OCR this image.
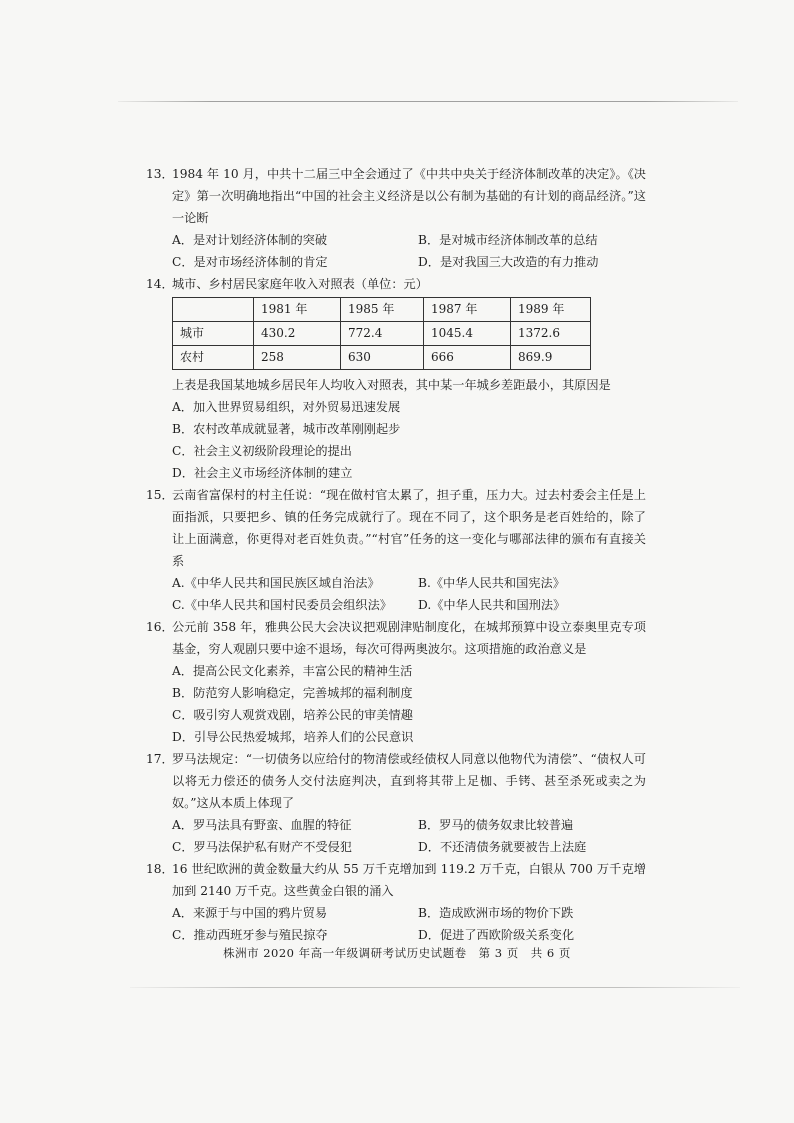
13．
1984 年 10 月，中共十二届三中全会通过了《中共中央关于经济体制改革的决定》。《决定》第一次明确地指出“中国的社会主义经济是以公有制为基础的有计划的商品经济。”这一论断
A．是对计划经济体制的突破	B．是对城市经济体制改革的总结
C．是对市场经济体制的肯定	D．是对我国三大改造的有力推动
14．
城市、乡村居民家庭年收入对照表（单位：元）
	1981 年	1985 年	1987 年	1989 年
城市	430.2	772.4	1045.4	1372.6
农村	258	630	666	869.9
上表是我国某地城乡居民年人均收入对照表，其中某一年城乡差距最小，其原因是
A．加入世界贸易组织，对外贸易迅速发展
B．农村改革成就显著，城市改革刚刚起步
C．社会主义初级阶段理论的提出
D．社会主义市场经济体制的建立
15．
云南省富保村的村主任说：“现在做村官太累了，担子重，压力大。过去村委会主任是上面指派，只要把乡、镇的任务完成就行了。现在不同了，这个职务是老百姓给的，除了让上面满意，你更得对老百姓负责。”“村官”任务的这一变化与哪部法律的颁布有直接关系
A.《中华人民共和国民族区域自治法》	B.《中华人民共和国宪法》
C.《中华人民共和国村民委员会组织法》	D.《中华人民共和国刑法》
16．
公元前 358 年，雅典公民大会决议把观剧津贴制度化，在城邦预算中设立泰奥里克专项基金，穷人观剧只要中途不退场，每次可得两奥波尔。这项措施的政治意义是
A．提高公民文化素养，丰富公民的精神生活
B．防范穷人影响稳定，完善城邦的福利制度
C．吸引穷人观赏戏剧，培养公民的审美情趣
D．引导公民热爱城邦，培养人们的公民意识
17．
罗马法规定：“一切债务以应给付的物清偿或经债权人同意以他物代为清偿”、“债权人可以将无力偿还的债务人交付法庭判决，直到将其带上足枷、手铐、甚至杀死或卖之为奴。”这从本质上体现了
A．罗马法具有野蛮、血腥的特征	B．罗马的债务奴隶比较普遍
C．罗马法保护私有财产不受侵犯	D．不还清债务就要被告上法庭
18．
16 世纪欧洲的黄金数量大约从 55 万千克增加到 119.2 万千克，白银从 700 万千克增加到 2140 万千克。这些黄金白银的涌入
A．来源于与中国的鸦片贸易	B．造成欧洲市场的物价下跌
C．推动西班牙参与殖民掠夺	D．促进了西欧阶级关系变化
株洲市 2020 年高一年级调研考试历史试题卷　第 3 页　共 6 页
